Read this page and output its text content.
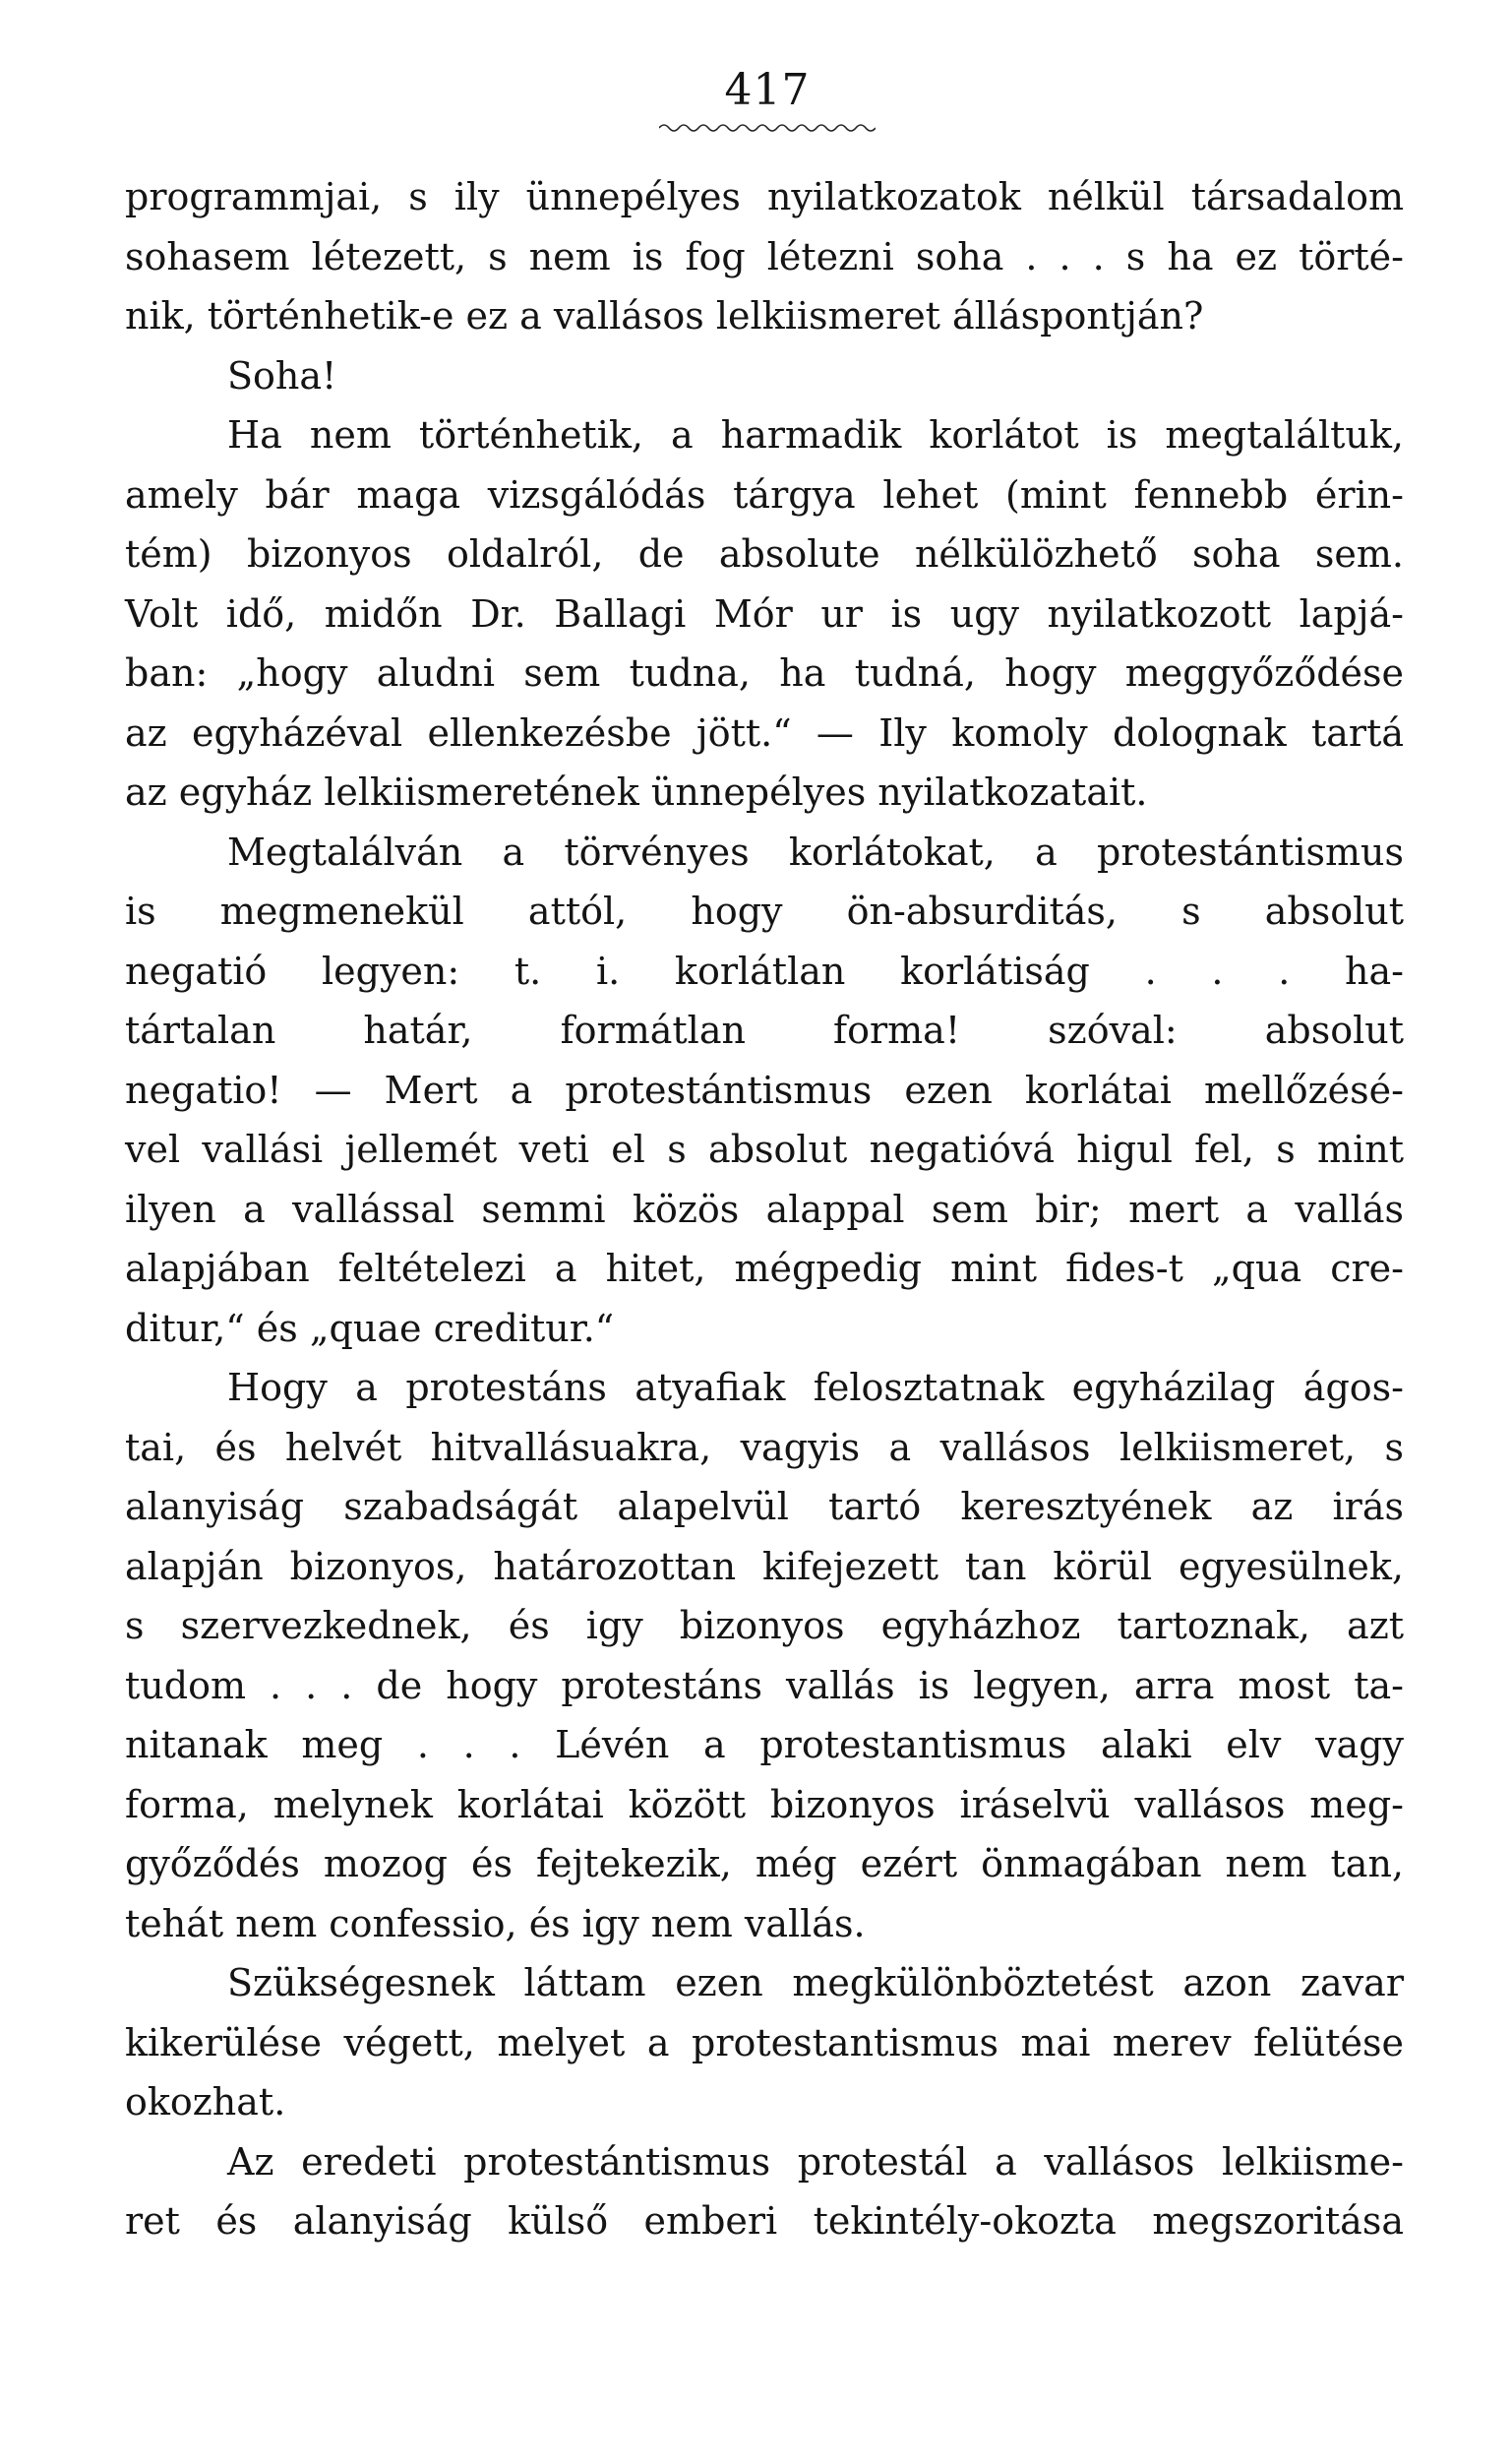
417
programmjai, s ily ünnepélyes nyilatkozatok nélkül társadalom
sohasem létezett, s nem is fog létezni soha . . . s ha ez törté-
nik, történhetik-e ez a vallásos lelkiismeret álláspontján?
Soha!
Ha nem történhetik, a harmadik korlátot is megtaláltuk,
amely bár maga vizsgálódás tárgya lehet (mint fennebb érin-
tém) bizonyos oldalról, de absolute nélkülözhető soha sem.
Volt idő, midőn Dr. Ballagi Mór ur is ugy nyilatkozott lapjá-
ban: „hogy aludni sem tudna, ha tudná, hogy meggyőződése
az egyházéval ellenkezésbe jött.“ — Ily komoly dolognak tartá
az egyház lelkiismeretének ünnepélyes nyilatkozatait.
Megtalálván a törvényes korlátokat, a protestántismus
is megmenekül attól, hogy ön-absurditás, s absolut
negatió legyen: t. i. korlátlan korlátiság . . . ha-
tártalan határ, formátlan forma! szóval: absolut
negatio! — Mert a protestántismus ezen korlátai mellőzésé-
vel vallási jellemét veti el s absolut negatióvá higul fel, s mint
ilyen a vallással semmi közös alappal sem bir; mert a vallás
alapjában feltételezi a hitet, mégpedig mint fides-t „qua cre-
ditur,“ és „quae creditur.“
Hogy a protestáns atyafiak felosztatnak egyházilag ágos-
tai, és helvét hitvallásuakra, vagyis a vallásos lelkiismeret, s
alanyiság szabadságát alapelvül tartó keresztyének az irás
alapján bizonyos, határozottan kifejezett tan körül egyesülnek,
s szervezkednek, és igy bizonyos egyházhoz tartoznak, azt
tudom . . . de hogy protestáns vallás is legyen, arra most ta-
nitanak meg . . . Lévén a protestantismus alaki elv vagy
forma, melynek korlátai között bizonyos iráselvü vallásos meg-
győződés mozog és fejtekezik, még ezért önmagában nem tan,
tehát nem confessio, és igy nem vallás.
Szükségesnek láttam ezen megkülönböztetést azon zavar
kikerülése végett, melyet a protestantismus mai merev felütése
okozhat.
Az eredeti protestántismus protestál a vallásos lelkiisme-
ret és alanyiság külső emberi tekintély-okozta megszoritása
